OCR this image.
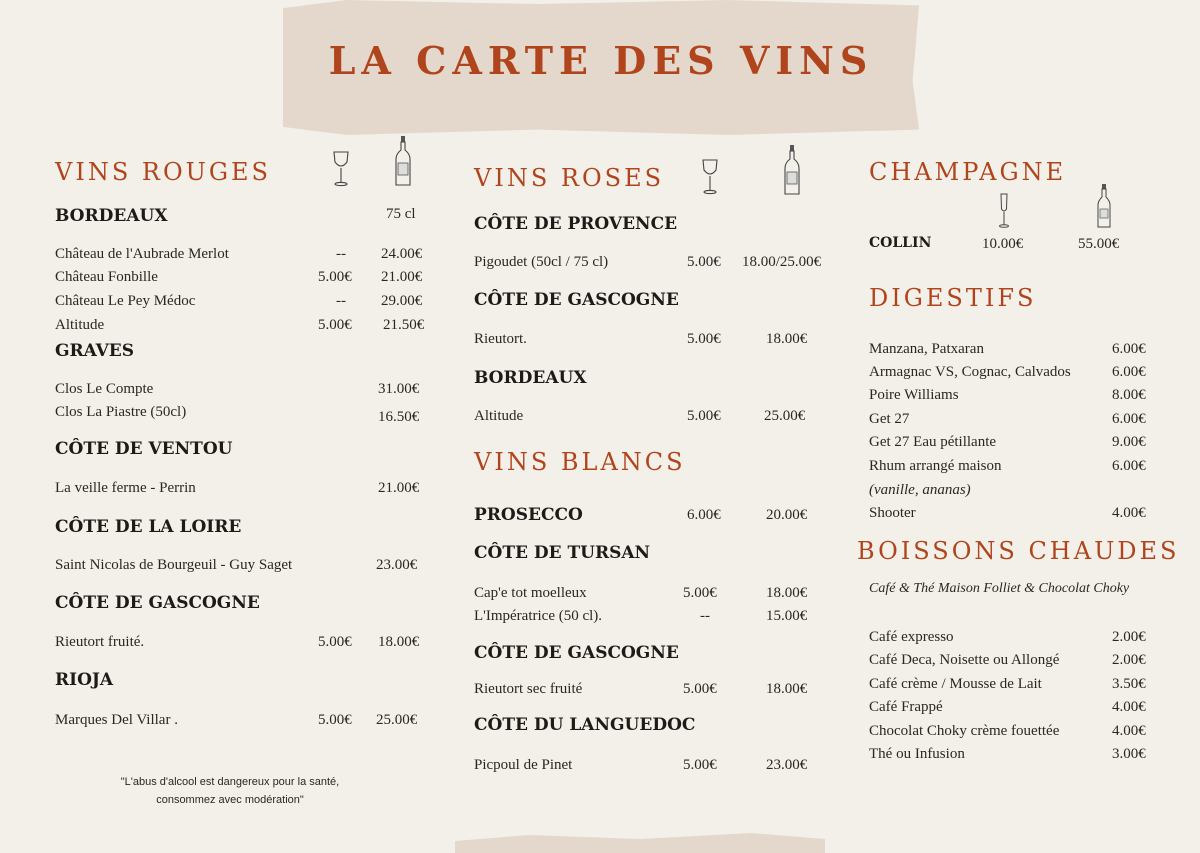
LA CARTE DES VINS
VINS ROUGES
BORDEAUX	75 cl
Château de l'Aubrade Merlot	-- 24.00€
Château Fonbille	5.00€ 21.00€
Château Le Pey Médoc	-- 29.00€
Altitude	5.00€ 21.50€
GRAVES
Clos Le Compte	31.00€
Clos La Piastre (50cl)	16.50€
CÔTE DE VENTOU
La veille ferme - Perrin	21.00€
CÔTE DE LA LOIRE
Saint Nicolas de Bourgeuil - Guy Saget	23.00€
CÔTE DE GASCOGNE
Rieutort fruité.	5.00€ 18.00€
RIOJA
Marques Del Villar .	5.00€ 25.00€
"L'abus d'alcool est dangereux pour la santé,
consommez avec modération"
VINS ROSES
CÔTE DE PROVENCE
Pigoudet (50cl / 75 cl)	5.00€ 18.00/25.00€
CÔTE DE GASCOGNE
Rieutort.	5.00€	18.00€
BORDEAUX
Altitude	5.00€	25.00€
VINS BLANCS
PROSECCO	6.00€	20.00€
CÔTE DE TURSAN
Cap'e tot moelleux	5.00€	18.00€
L'Impératrice (50 cl).	--	15.00€
CÔTE DE GASCOGNE
Rieutort sec fruité	5.00€	18.00€
CÔTE DU LANGUEDOC
Picpoul de Pinet	5.00€	23.00€
CHAMPAGNE
COLLIN	10.00€	55.00€
DIGESTIFS
Manzana, Patxaran	6.00€
Armagnac VS, Cognac, Calvados	6.00€
Poire Williams	8.00€
Get 27	6.00€
Get 27 Eau pétillante	9.00€
Rhum arrangé maison	6.00€
(vanille, ananas)
Shooter	4.00€
BOISSONS CHAUDES
Café & Thé Maison Folliet & Chocolat Choky
Café expresso	2.00€
Café Deca, Noisette ou Allongé	2.00€
Café crème / Mousse de Lait	3.50€
Café Frappé	4.00€
Chocolat Choky crème fouettée	4.00€
Thé ou Infusion	3.00€
